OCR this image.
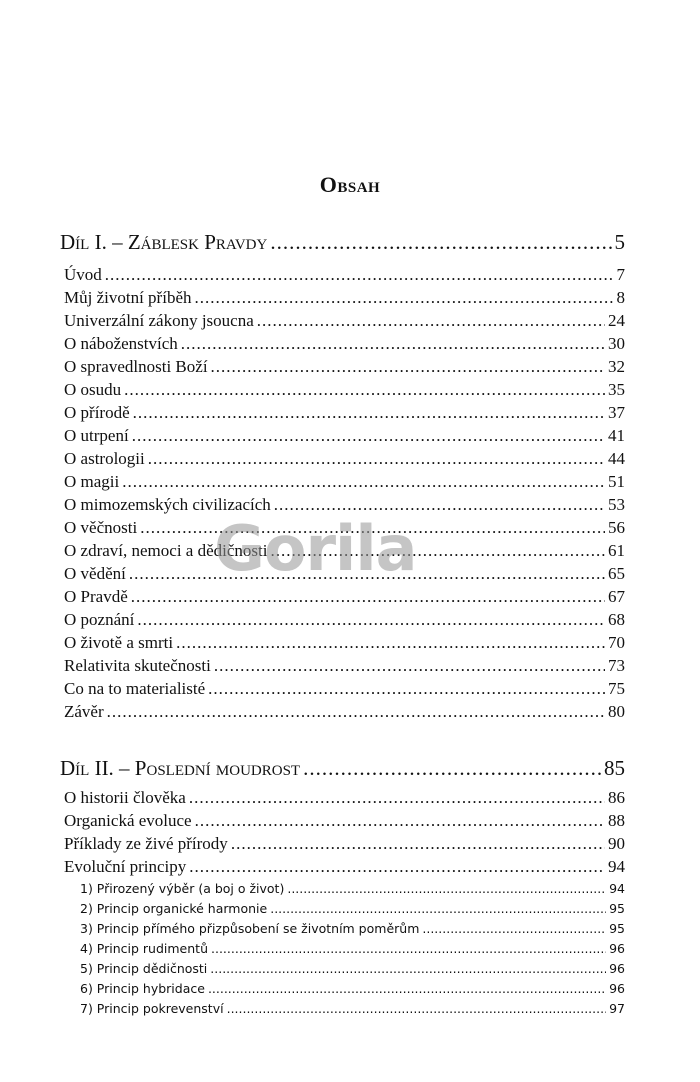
Obsah
Díl I. – Záblesk Pravdy .....	5
Úvod .....	7
Můj životní příběh .....	8
Univerzální zákony jsoucna .....	24
O náboženstvích .....	30
O spravedlnosti Boží .....	32
O osudu .....	35
O přírodě .....	37
O utrpení .....	41
O astrologii .....	44
O magii .....	51
O mimozemských civilizacích .....	53
O věčnosti .....	56
O zdraví, nemoci a dědičnosti .....	61
O vědění .....	65
O Pravdě .....	67
O poznání .....	68
O životě a smrti .....	70
Relativita skutečnosti .....	73
Co na to materialisté .....	75
Závěr .....	80
Díl II. – Poslední moudrost .....	85
O historii člověka .....	86
Organická evoluce .....	88
Příklady ze živé přírody .....	90
Evoluční principy .....	94
1) Přirozený výběr (a boj o život) .....	94
2) Princip organické harmonie .....	95
3) Princip přímého přizpůsobení se životním poměrům .....	95
4) Princip rudimentů .....	96
5) Princip dědičnosti .....	96
6) Princip hybridace .....	96
7) Princip pokrevenství .....	97
Gorila
